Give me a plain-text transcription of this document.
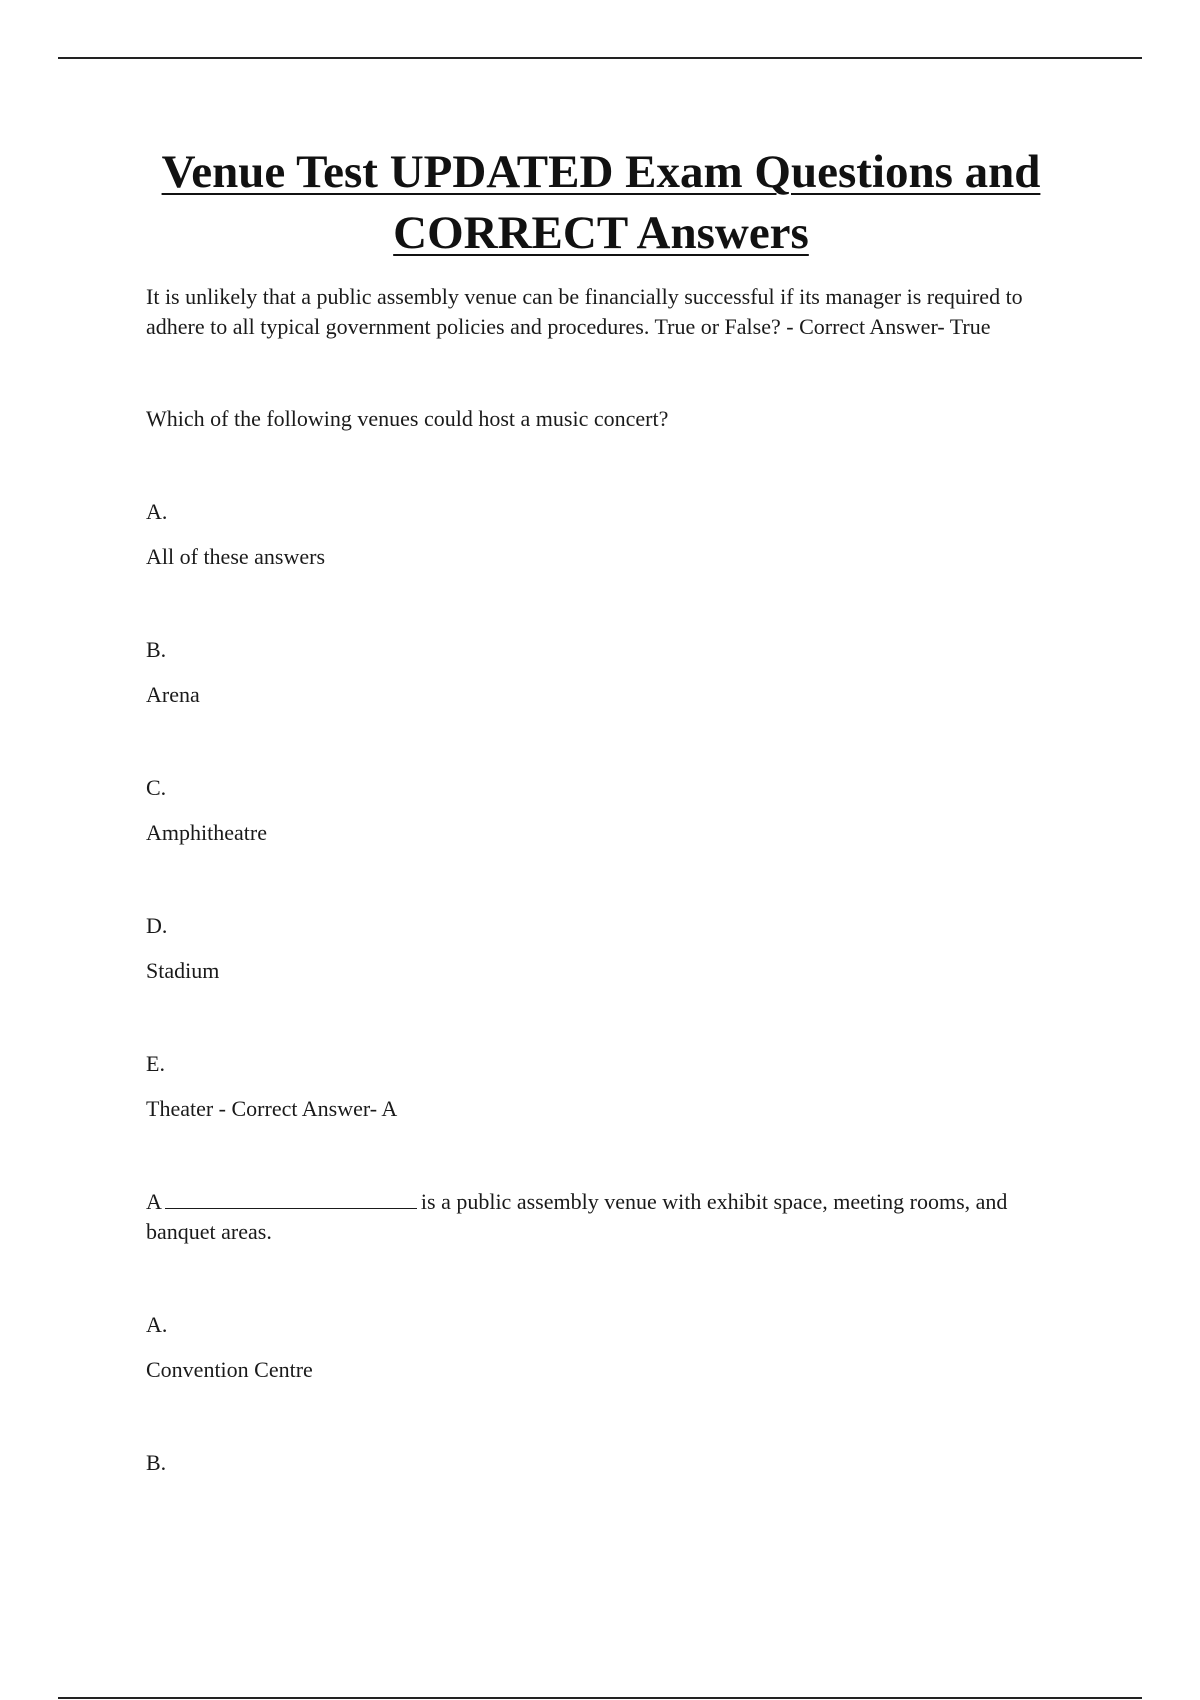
Venue Test UPDATED Exam Questions and CORRECT Answers

It is unlikely that a public assembly venue can be financially successful if its manager is required to adhere to all typical government policies and procedures. True or False? - Correct Answer- True

Which of the following venues could host a music concert?

A.

All of these answers

B.

Arena

C.

Amphitheatre

D.

Stadium

E.

Theater - Correct Answer- A

A	is a public assembly venue with exhibit space, meeting rooms, and banquet areas.

A.

Convention Centre

B.
